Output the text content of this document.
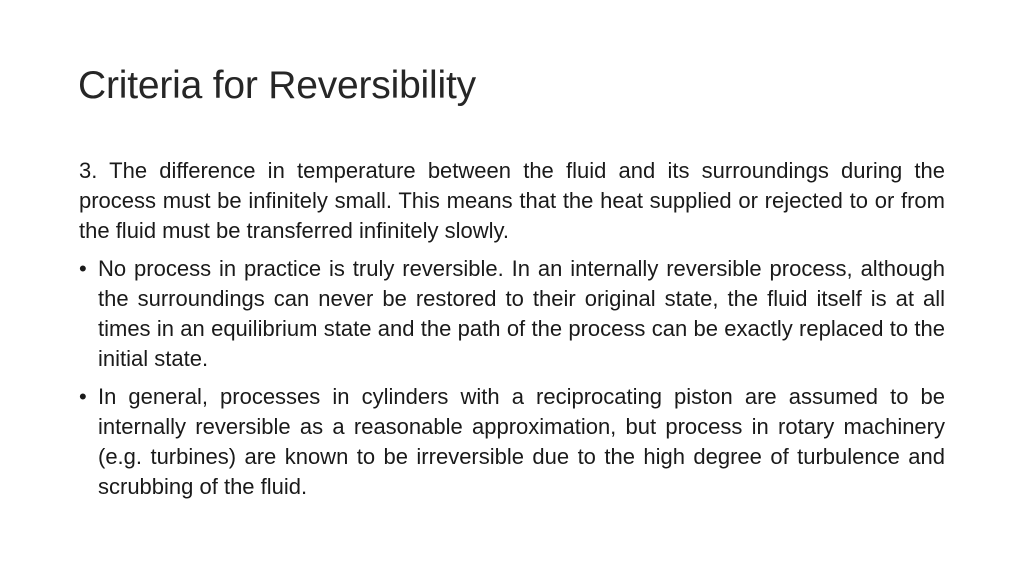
Criteria for Reversibility

3. The difference in temperature between the fluid and its surroundings during the process must be infinitely small. This means that the heat supplied or rejected to or from the fluid must be transferred infinitely slowly.

• No process in practice is truly reversible. In an internally reversible process, although the surroundings can never be restored to their original state, the fluid itself is at all times in an equilibrium state and the path of the process can be exactly replaced to the initial state.
• In general, processes in cylinders with a reciprocating piston are assumed to be internally reversible as a reasonable approximation, but process in rotary machinery (e.g. turbines) are known to be irreversible due to the high degree of turbulence and scrubbing of the fluid.
